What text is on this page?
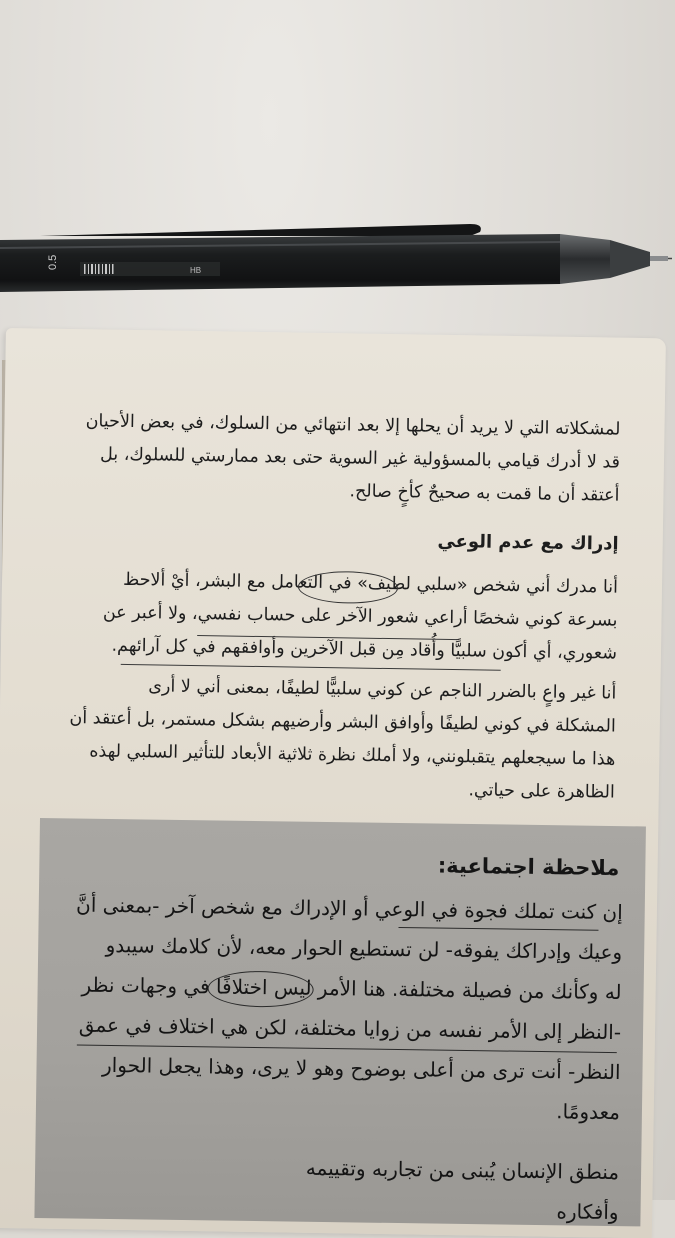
0.5
HB
لمشكلاته التي لا يريد أن يحلها إلا بعد انتهائي من السلوك، في بعض الأحيان
قد لا أدرك قيامي بالمسؤولية غير السوية حتى بعد ممارستي للسلوك، بل
أعتقد أن ما قمت به صحيحٌ كأخٍ صالح.
إدراك مع عدم الوعي
أنا مدرك أني شخص «سلبي لطيف» في التعامل مع البشر، أيْ ألاحظ
بسرعة كوني شخصًا أراعي شعور الآخر على حساب نفسي، ولا أعبر عن
شعوري، أي أكون سلبيًّا وأُقاد مِن قبل الآخرين وأوافقهم في كل آرائهم.
أنا غير واعٍ بالضرر الناجم عن كوني سلبيًّا لطيفًا، بمعنى أني لا أرى
المشكلة في كوني لطيفًا وأوافق البشر وأرضيهم بشكل مستمر، بل أعتقد أن
هذا ما سيجعلهم يتقبلونني، ولا أملك نظرة ثلاثية الأبعاد للتأثير السلبي لهذه
الظاهرة على حياتي.
ملاحظة اجتماعية:
إن كنت تملك فجوة في الوعي أو الإدراك مع شخص آخر -بمعنى أنَّ
وعيك وإدراكك يفوقه- لن تستطيع الحوار معه، لأن كلامك سيبدو
له وكأنك من فصيلة مختلفة. هنا الأمر ليس اختلافًا في وجهات نظر
-النظر إلى الأمر نفسه من زوايا مختلفة، لكن هي اختلاف في عمق
النظر- أنت ترى من أعلى بوضوح وهو لا يرى، وهذا يجعل الحوار
معدومًا.
منطق الإنسان يُبنى من تجاربه وتقييمه
وأفكاره
